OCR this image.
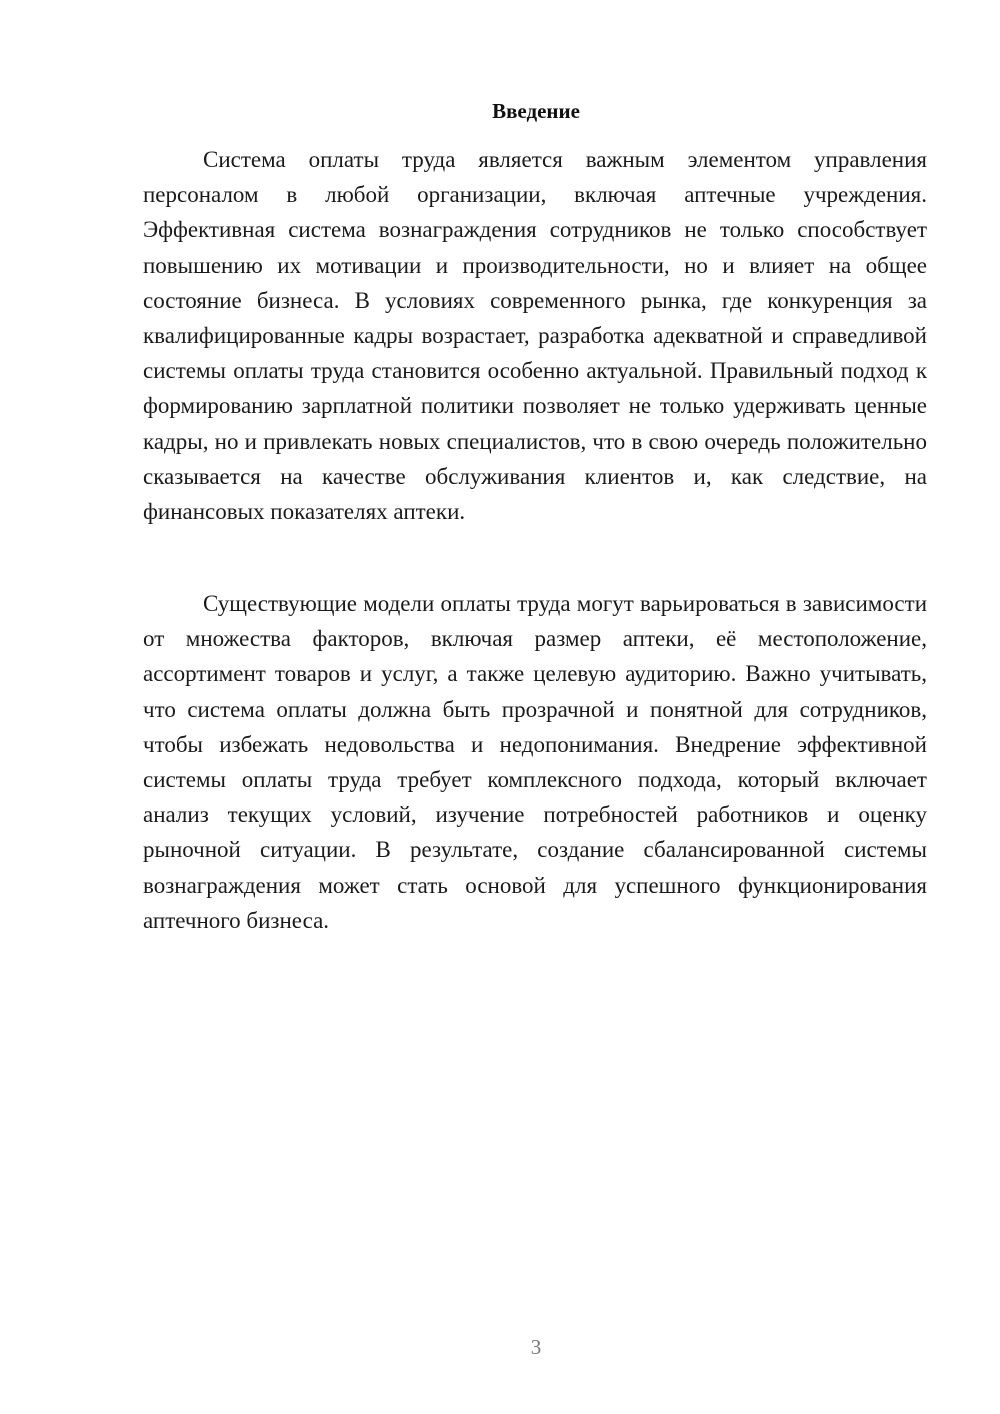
Введение

Система оплаты труда является важным элементом управления персоналом в любой организации, включая аптечные учреждения. Эффективная система вознаграждения сотрудников не только способствует повышению их мотивации и производительности, но и влияет на общее состояние бизнеса. В условиях современного рынка, где конкуренция за квалифицированные кадры возрастает, разработка адекватной и справедливой системы оплаты труда становится особенно актуальной. Правильный подход к формированию зарплатной политики позволяет не только удерживать ценные кадры, но и привлекать новых специалистов, что в свою очередь положительно сказывается на качестве обслуживания клиентов и, как следствие, на финансовых показателях аптеки.

Существующие модели оплаты труда могут варьироваться в зависимости от множества факторов, включая размер аптеки, её местоположение, ассортимент товаров и услуг, а также целевую аудиторию. Важно учитывать, что система оплаты должна быть прозрачной и понятной для сотрудников, чтобы избежать недовольства и недопонимания. Внедрение эффективной системы оплаты труда требует комплексного подхода, который включает анализ текущих условий, изучение потребностей работников и оценку рыночной ситуации. В результате, создание сбалансированной системы вознаграждения может стать основой для успешного функционирования аптечного бизнеса.

3
